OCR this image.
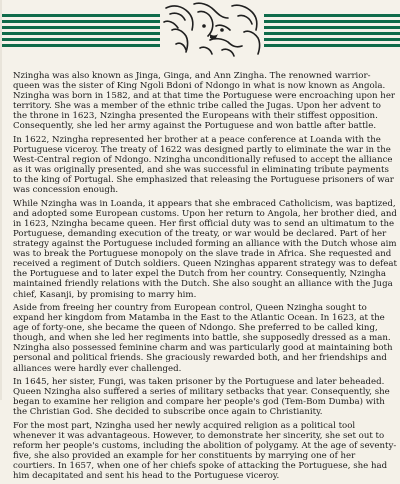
Nzingha was also known as Jinga, Ginga, and Ann Zingha. The renowned warrior-queen was the sister of King Ngoli Bdoni of Ndongo in what is now known as Angola. Nzingha was born in 1582, and at that time the Portuguese were encroaching upon her territory. She was a member of the ethnic tribe called the Jugas. Upon her advent to the throne in 1623, Nzingha presented the Europeans with their stiffest opposition. Consequently, she led her army against the Portuguese and won battle after battle.

In 1622, Nzingha represented her brother at a peace conference at Loanda with the Portuguese viceroy. The treaty of 1622 was designed partly to eliminate the war in the West-Central region of Ndongo. Nzingha unconditionally refused to accept the alliance as it was originally presented, and she was successful in eliminating tribute payments to the king of Portugal. She emphasized that releasing the Portuguese prisoners of war was concession enough.

While Nzingha was in Loanda, it appears that she embraced Catholicism, was baptized, and adopted some European customs. Upon her return to Angola, her brother died, and in 1623, Nzingha became queen. Her first official duty was to send an ultimatum to the Portuguese, demanding execution of the treaty, or war would be declared. Part of her strategy against the Portuguese included forming an alliance with the Dutch whose aim was to break the Portuguese monopoly on the slave trade in Africa. She requested and received a regiment of Dutch soldiers. Queen Nzinghas apparent strategy was to defeat the Portuguese and to later expel the Dutch from her country. Consequently, Nzingha maintained friendly relations with the Dutch. She also sought an alliance with the Juga chief, Kasanji, by promising to marry him.

Aside from freeing her country from European control, Queen Nzingha sought to expand her kingdom from Matamba in the East to the Atlantic Ocean. In 1623, at the age of forty-one, she became the queen of Ndongo. She preferred to be called king, though, and when she led her regiments into battle, she supposedly dressed as a man. Nzingha also possessed feminine charm and was particularly good at maintaining both personal and political friends. She graciously rewarded both, and her friendships and alliances were hardly ever challenged.

In 1645, her sister, Fungi, was taken prisoner by the Portuguese and later beheaded. Queen Nzingha also suffered a series of military setbacks that year. Consequently, she began to examine her religion and compare her people's god (Tem-Bom Dumba) with the Christian God. She decided to subscribe once again to Christianity.

For the most part, Nzingha used her newly acquired religion as a political tool whenever it was advantageous. However, to demonstrate her sincerity, she set out to reform her people's customs, including the abolition of polygamy. At the age of seventy-five, she also provided an example for her constituents by marrying one of her courtiers. In 1657, when one of her chiefs spoke of attacking the Portuguese, she had him decapitated and sent his head to the Portuguese viceroy.
